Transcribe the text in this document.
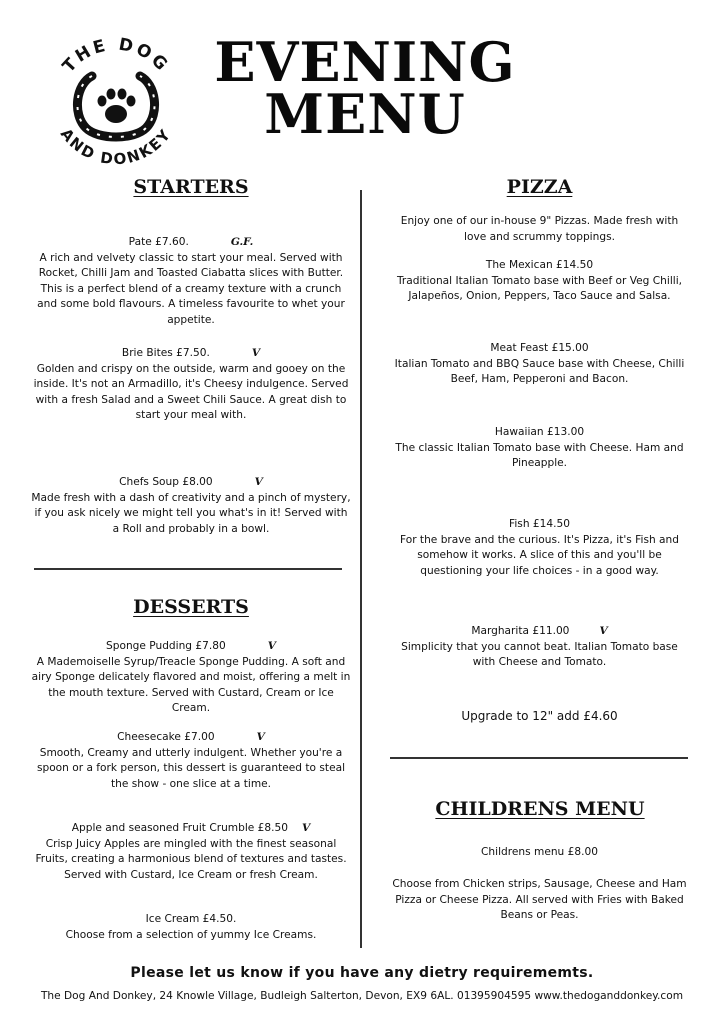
THE DOG
AND DONKEY
EVENING
MENU
STARTERS
Pate £7.60.	G.F.
A rich and velvety classic to start your meal. Served with Rocket, Chilli Jam and Toasted Ciabatta slices with Butter. This is a perfect blend of a creamy texture with a crunch and some bold flavours. A timeless favourite to whet your appetite.
Brie Bites £7.50.	V
Golden and crispy on the outside, warm and gooey on the inside. It's not an Armadillo, it's Cheesy indulgence. Served with a fresh Salad and a Sweet Chili Sauce. A great dish to start your meal with.
Chefs Soup £8.00	V
Made fresh with a dash of creativity and a pinch of mystery, if you ask nicely we might tell you what's in it! Served with a Roll and probably in a bowl.
DESSERTS
Sponge Pudding £7.80	V
A Mademoiselle Syrup/Treacle Sponge Pudding. A soft and airy Sponge delicately flavored and moist, offering a melt in the mouth texture. Served with Custard, Cream or Ice Cream.
Cheesecake £7.00	V
Smooth, Creamy and utterly indulgent. Whether you're a spoon or a fork person, this dessert is guaranteed to steal the show - one slice at a time.
Apple and seasoned Fruit Crumble £8.50 V
Crisp Juicy Apples are mingled with the finest seasonal Fruits, creating a harmonious blend of textures and tastes. Served with Custard, Ice Cream or fresh Cream.
Ice Cream £4.50.
Choose from a selection of yummy Ice Creams.
PIZZA
Enjoy one of our in-house 9" Pizzas. Made fresh with love and scrummy toppings.
The Mexican £14.50
Traditional Italian Tomato base with Beef or Veg Chilli, Jalapeños, Onion, Peppers, Taco Sauce and Salsa.
Meat Feast £15.00
Italian Tomato and BBQ Sauce base with Cheese, Chilli Beef, Ham, Pepperoni and Bacon.
Hawaiian £13.00
The classic Italian Tomato base with Cheese. Ham and Pineapple.
Fish £14.50
For the brave and the curious. It's Pizza, it's Fish and somehow it works. A slice of this and you'll be questioning your life choices - in a good way.
Margharita £11.00	V
Simplicity that you cannot beat. Italian Tomato base with Cheese and Tomato.
Upgrade to 12" add £4.60
CHILDRENS MENU
Childrens menu £8.00
Choose from Chicken strips, Sausage, Cheese and Ham Pizza or Cheese Pizza. All served with Fries with Baked Beans or Peas.
Please let us know if you have any dietry requirememts.
The Dog And Donkey, 24 Knowle Village, Budleigh Salterton, Devon, EX9 6AL. 01395904595 www.thedoganddonkey.com
